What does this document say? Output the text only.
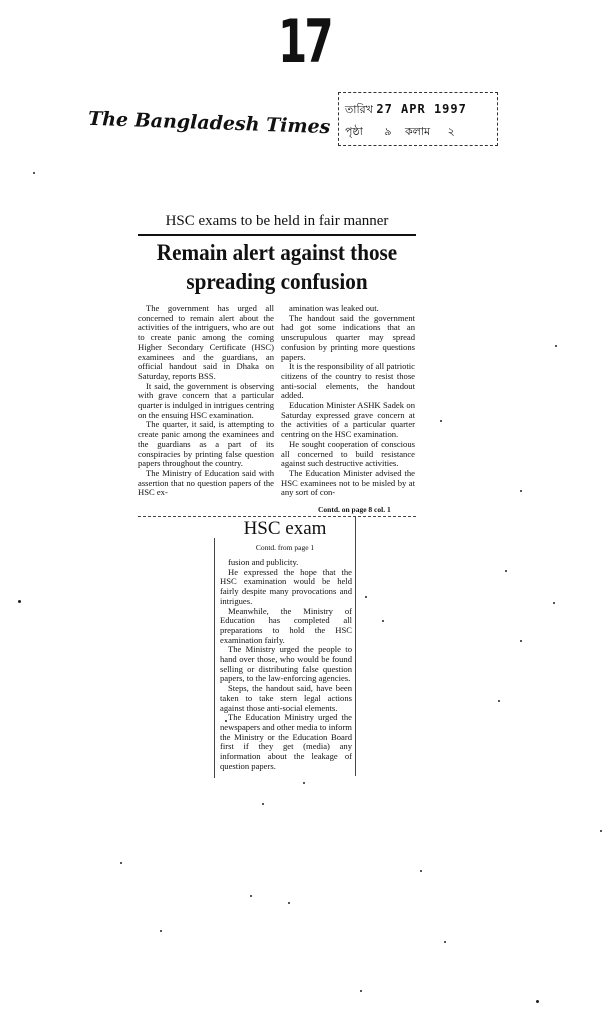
17
The Bangladesh Times তারিখ 27 APR 1997
পৃষ্ঠা ৯ কলাম ২
HSC exams to be held in fair manner
Remain alert against those spreading confusion

The government has urged all concerned to remain alert about the activities of the intriguers, who are out to create panic among the coming Higher Secondary Certificate (HSC) examinees and the guardians, an official handout said in Dhaka on Saturday, reports BSS.

It said, the government is observing with grave concern that a particular quarter is indulged in intrigues centring on the ensuing HSC examination.

The quarter, it said, is attempting to create panic among the examinees and the guardians as a part of its conspiracies by printing false question papers throughout the country.

The Ministry of Education said with assertion that no question papers of the HSC ex-

amination was leaked out.

The handout said the government had got some indications that an unscrupulous quarter may spread confusion by printing more questions papers.

It is the responsibility of all patriotic citizens of the country to resist those anti-social elements, the handout added.

Education Minister ASHK Sadek on Saturday expressed grave concern at the activities of a particular quarter centring on the HSC examination.

He sought cooperation of conscious all concerned to build resistance against such destructive activities.

The Education Minister advised the HSC examinees not to be misled by at any sort of con-

Contd. on page 8 col. 1
HSC exam
Contd. from page 1

fusion and publicity.

He expressed the hope that the HSC examination would be held fairly despite many provocations and intrigues.

Meanwhile, the Ministry of Education has completed all preparations to hold the HSC examination fairly.

The Ministry urged the people to hand over those, who would be found selling or distributing false question papers, to the law-enforcing agencies.

Steps, the handout said, have been taken to take stern legal actions against those anti-social elements.

The Education Ministry urged the newspapers and other media to inform the Ministry or the Education Board first if they get (media) any information about the leakage of question papers.
